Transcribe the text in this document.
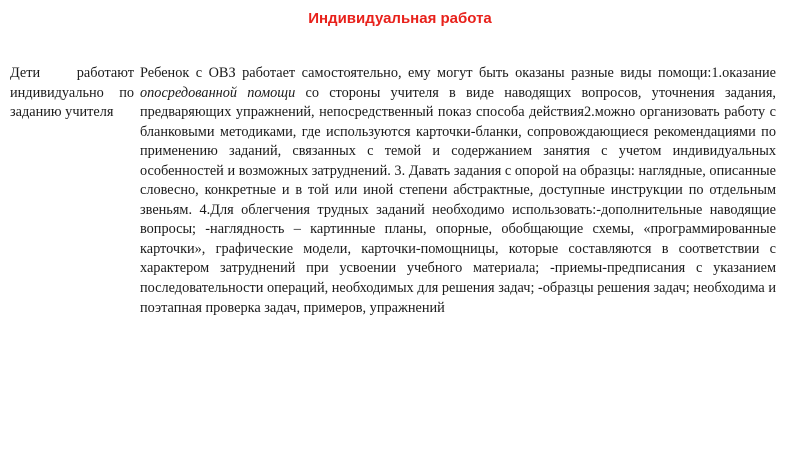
Индивидуальная работа
Дети работают индивидуально по заданию учителя
Ребенок с ОВЗ работает самостоятельно, ему могут быть оказаны разные виды помощи:1.оказание опосредованной помощи со стороны учителя в виде наводящих вопросов, уточнения задания, предваряющих упражнений, непосредственный показ способа действия2.можно организовать работу с бланковыми методиками, где используются карточки-бланки, сопровождающиеся рекомендациями по применению заданий, связанных с темой и содержанием занятия с учетом индивидуальных особенностей и возможных затруднений. 3. Давать задания с опорой на образцы: наглядные, описанные словесно, конкретные и в той или иной степени абстрактные, доступные инструкции по отдельным звеньям. 4.Для облегчения трудных заданий необходимо использовать:-дополнительные наводящие вопросы; -наглядность – картинные планы, опорные, обобщающие схемы, «программированные карточки», графические модели, карточки-помощницы, которые составляются в соответствии с характером затруднений при усвоении учебного материала; -приемы-предписания с указанием последовательности операций, необходимых для решения задач; -образцы решения задач; необходима и поэтапная проверка задач, примеров, упражнений
